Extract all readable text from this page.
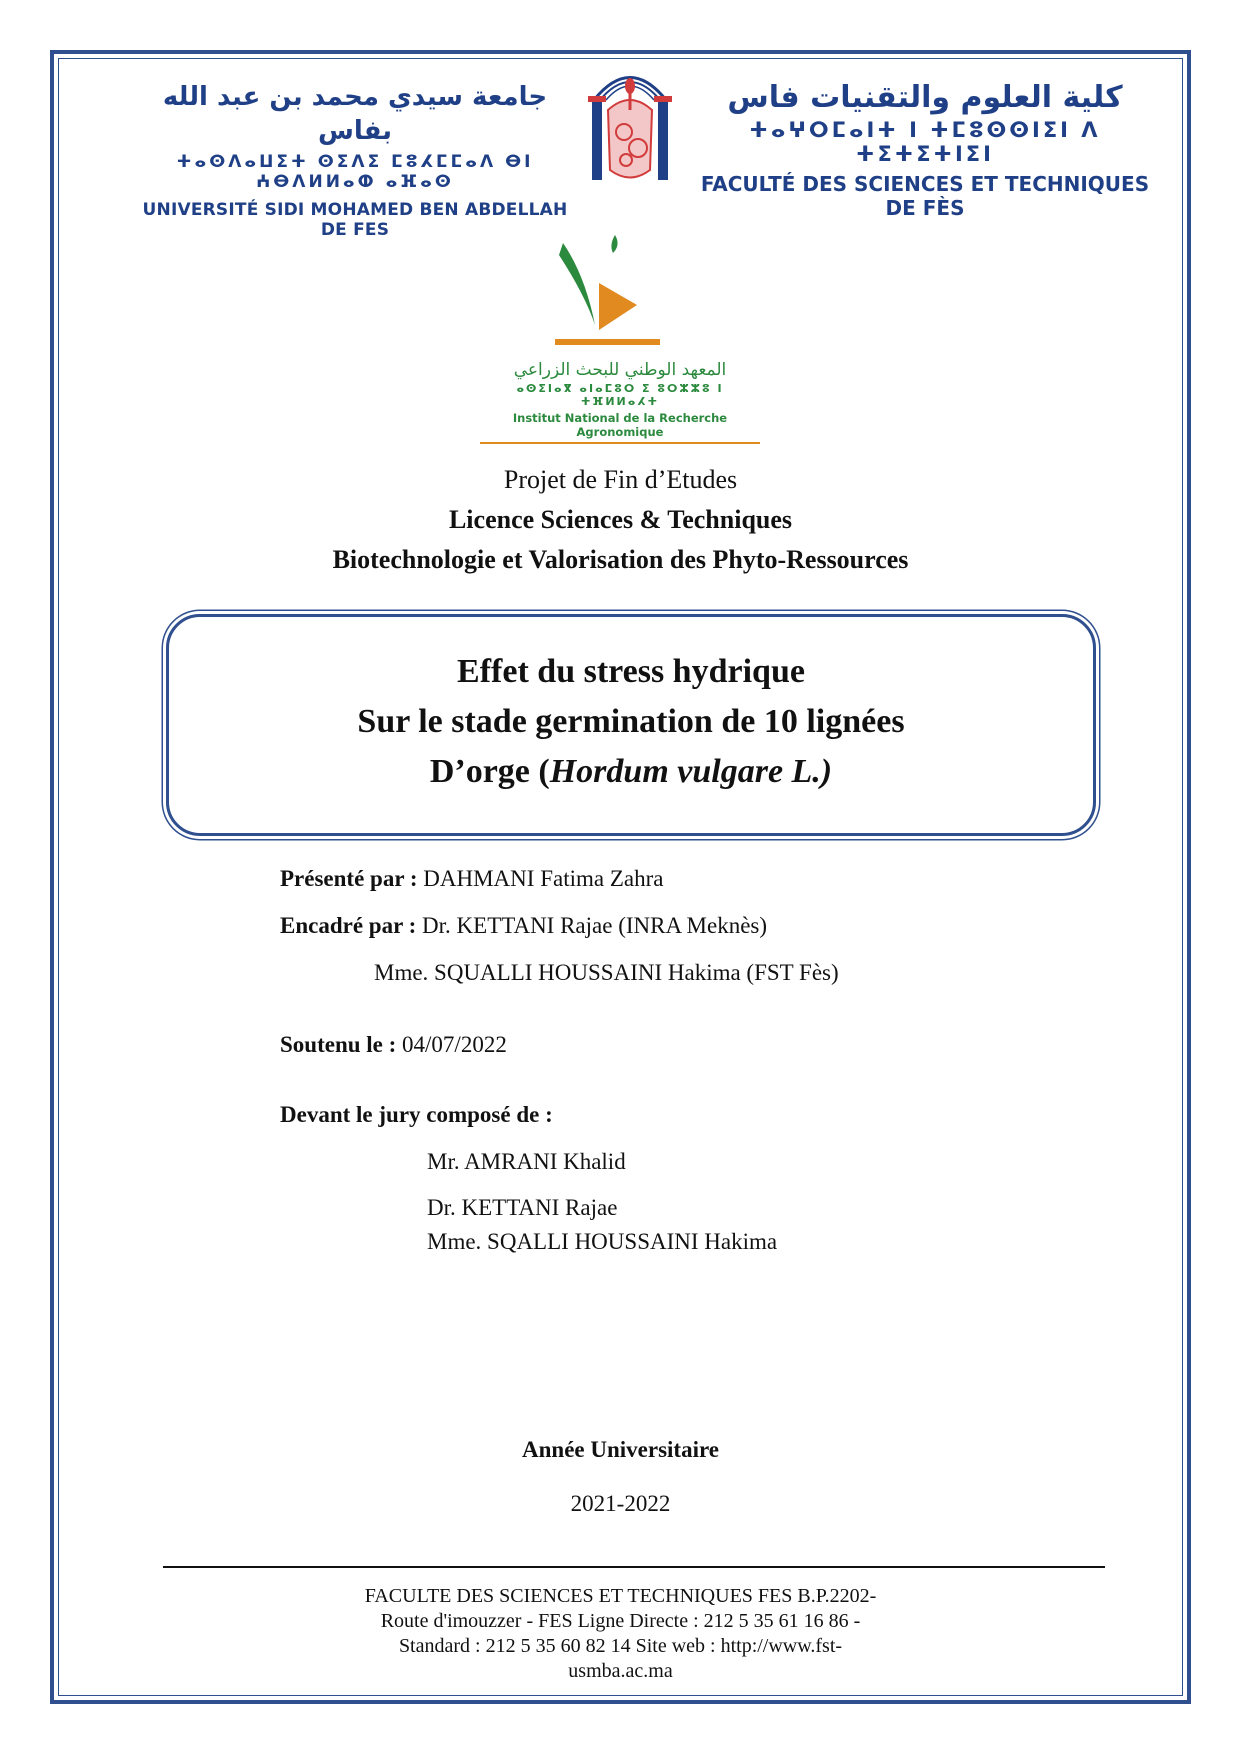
جامعة سيدي محمد بن عبد الله بفاس
ⵜⴰⵙⴷⴰⵡⵉⵜ ⵙⵉⴷⵉ ⵎⵓⵃⵎⵎⴰⴷ ⴱⵏ ⵄⴱⴷⵍⵍⴰⵀ ⴰⴼⴰⵙ
UNIVERSITÉ SIDI MOHAMED BEN ABDELLAH DE FES
كلية العلوم والتقنيات فاس
ⵜⴰⵖⵔⵎⴰⵏⵜ ⵏ ⵜⵎⵓⵙⵙⵏⵉⵏ ⴷ ⵜⵉⵜⵉⵜⵏⵉⵏ
FACULTÉ DES SCIENCES ET TECHNIQUES DE FÈS
المعهد الوطني للبحث الزراعي
ⴰⵙⵉⵏⴰⴳ ⴰⵏⴰⵎⵓⵔ ⵉ ⵓⵔⵣⵣⵓ ⵏ ⵜⴼⵍⵍⴰⵃⵜ
Institut National de la Recherche Agronomique
Projet de Fin d’Etudes
Licence Sciences & Techniques
Biotechnologie et Valorisation des Phyto-Ressources
Effet du stress hydrique
Sur le stade germination de 10 lignées
D’orge (Hordum vulgare L.)
Présenté par : DAHMANI Fatima Zahra
Encadré par : Dr. KETTANI Rajae (INRA Meknès)
Mme. SQUALLI HOUSSAINI Hakima (FST Fès)
Soutenu le : 04/07/2022
Devant le jury composé de :
Mr. AMRANI Khalid
Dr. KETTANI Rajae
Mme. SQALLI HOUSSAINI Hakima
Année Universitaire
2021-2022
FACULTE DES SCIENCES ET TECHNIQUES FES B.P.2202-
Route d'imouzzer - FES Ligne Directe : 212 5 35 61 16 86 -
Standard : 212 5 35 60 82 14 Site web : http://www.fst-
usmba.ac.ma
